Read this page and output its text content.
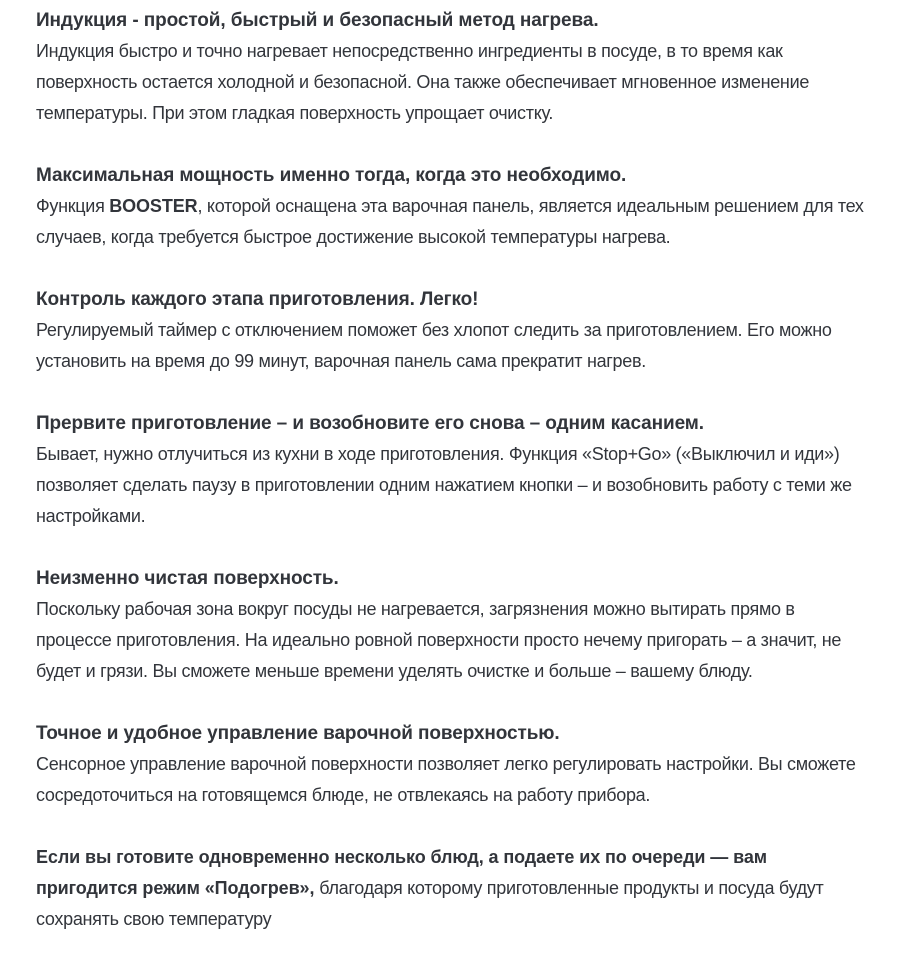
Индукция - простой, быстрый и безопасный метод нагрева.

Индукция быстро и точно нагревает непосредственно ингредиенты в посуде, в то время как поверхность остается холодной и безопасной. Она также обеспечивает мгновенное изменение температуры. При этом гладкая поверхность упрощает очистку.

Максимальная мощность именно тогда, когда это необходимо.

Функция BOOSTER, которой оснащена эта варочная панель, является идеальным решением для тех случаев, когда требуется быстрое достижение высокой температуры нагрева.

Контроль каждого этапа приготовления. Легко!

Регулируемый таймер с отключением поможет без хлопот следить за приготовлением. Его можно установить на время до 99 минут, варочная панель сама прекратит нагрев.

Прервите приготовление – и возобновите его снова – одним касанием.

Бывает, нужно отлучиться из кухни в ходе приготовления. Функция «Stop+Go» («Выключил и иди») позволяет сделать паузу в приготовлении одним нажатием кнопки – и возобновить работу с теми же настройками.

Неизменно чистая поверхность.

Поскольку рабочая зона вокруг посуды не нагревается, загрязнения можно вытирать прямо в процессе приготовления. На идеально ровной поверхности просто нечему пригорать – а значит, не будет и грязи. Вы сможете меньше времени уделять очистке и больше – вашему блюду.

Точное и удобное управление варочной поверхностью.

Сенсорное управление варочной поверхности позволяет легко регулировать настройки. Вы сможете сосредоточиться на готовящемся блюде, не отвлекаясь на работу прибора.

Если вы готовите одновременно несколько блюд, а подаете их по очереди — вам пригодится режим «Подогрев», благодаря которому приготовленные продукты и посуда будут сохранять свою температуру
